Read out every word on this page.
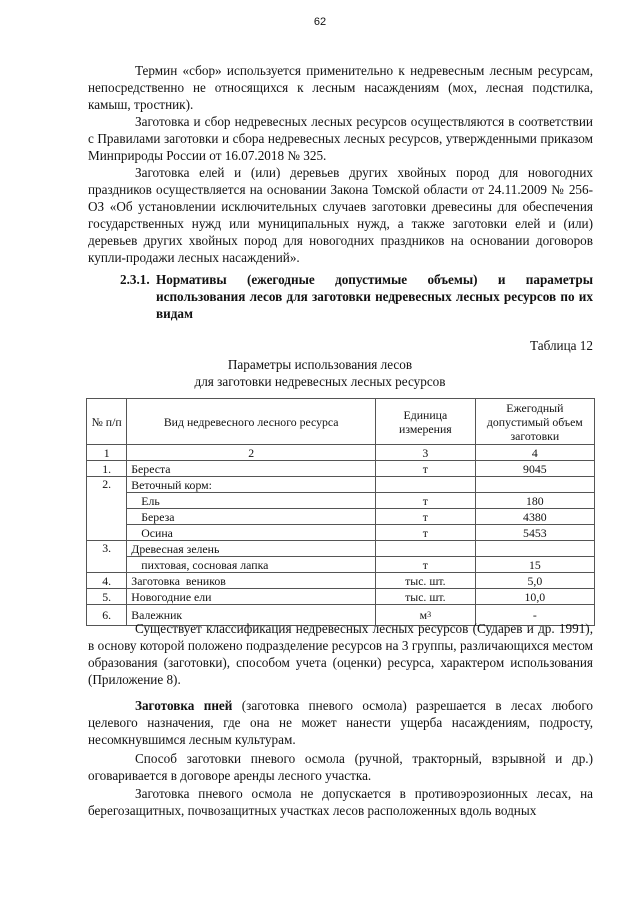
62

Термин «сбор» используется применительно к недревесным лесным ресурсам, непосредственно не относящихся к лесным насаждениям (мох, лесная подстилка, камыш, тростник).

Заготовка и сбор недревесных лесных ресурсов осуществляются в соответствии с Правилами заготовки и сбора недревесных лесных ресурсов, утвержденными приказом Минприроды России от 16.07.2018 № 325.

Заготовка елей и (или) деревьев других хвойных пород для новогодних праздников осуществляется на основании Закона Томской области от 24.11.2009 № 256-ОЗ «Об установлении исключительных случаев заготовки древесины для обеспечения государственных нужд или муниципальных нужд, а также заготовки елей и (или) деревьев других хвойных пород для новогодних праздников на основании договоров купли-продажи лесных насаждений».

2.3.1. Нормативы (ежегодные допустимые объемы) и параметры использования лесов для заготовки недревесных лесных ресурсов по их видам
Таблица 12
Параметры использования лесов
для заготовки недревесных лесных ресурсов
№ п/п	Вид недревесного лесного ресурса	Единица измерения	Ежегодный допустимый объем заготовки
1	2	3	4
1.	Береста	т	9045
2.	Веточный корм:		
	Ель	т	180
	Береза	т	4380
	Осина	т	5453
3.	Древесная зелень		
	пихтовая, сосновая лапка	т	15
4.	Заготовка  веников	тыс. шт.	5,0
5.	Новогодние ели	тыс. шт.	10,0
6.	Валежник	$м^3$	-

Существует классификация недревесных лесных ресурсов (Сударев и др. 1991), в основу которой положено подразделение ресурсов на 3 группы, различающихся местом образования (заготовки), способом учета (оценки) ресурса, характером использования (Приложение 8).

Заготовка пней (заготовка пневого осмола) разрешается в лесах любого целевого назначения, где она не может нанести ущерба насаждениям, подросту, несомкнувшимся лесным культурам.

Способ заготовки пневого осмола (ручной, тракторный, взрывной и др.) оговаривается в договоре аренды лесного участка.

Заготовка пневого осмола не допускается в противоэрозионных лесах, на берегозащитных, почвозащитных участках лесов расположенных вдоль водных
